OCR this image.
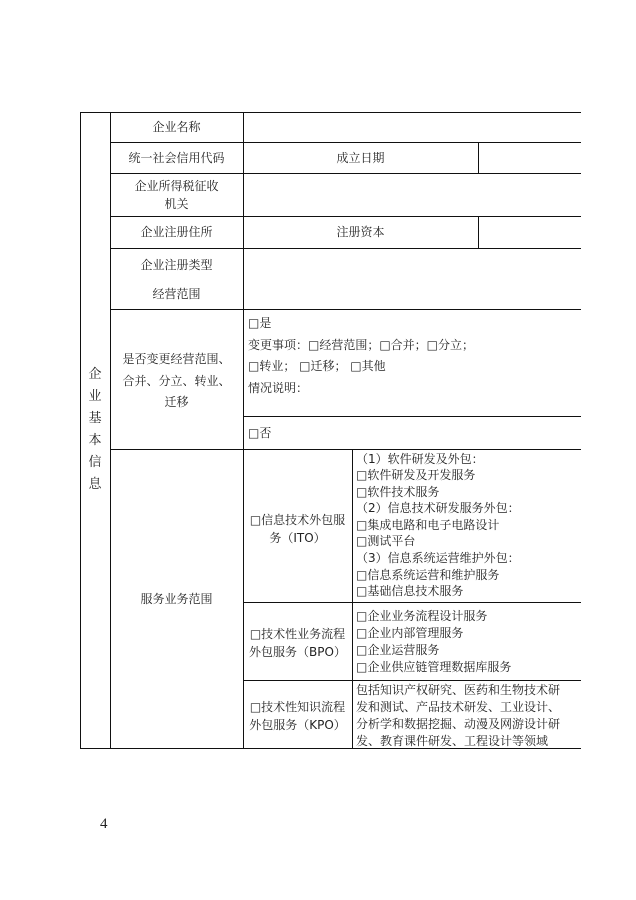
企
业
基
本
信
息
企业名称
统一社会信用代码	成立日期
企业所得税征收
机关
企业注册住所	注册资本
企业注册类型
经营范围
是否变更经营范围、
合并、分立、转业、
迁移
□是
变更事项：□经营范围；□合并；□分立；
□转业； □迁移； □其他
情况说明：
□否
服务业务范围
□信息技术外包服
务（ITO）
（1）软件研发及外包：
□软件研发及开发服务
□软件技术服务
（2）信息技术研发服务外包：
□集成电路和电子电路设计
□测试平台
（3）信息系统运营维护外包：
□信息系统运营和维护服务
□基础信息技术服务
□技术性业务流程
外包服务（BPO）
□企业业务流程设计服务
□企业内部管理服务
□企业运营服务
□企业供应链管理数据库服务
□技术性知识流程
外包服务（KPO）
包括知识产权研究、医药和生物技术研
发和测试、产品技术研发、工业设计、
分析学和数据挖掘、动漫及网游设计研
发、教育课件研发、工程设计等领域
4
